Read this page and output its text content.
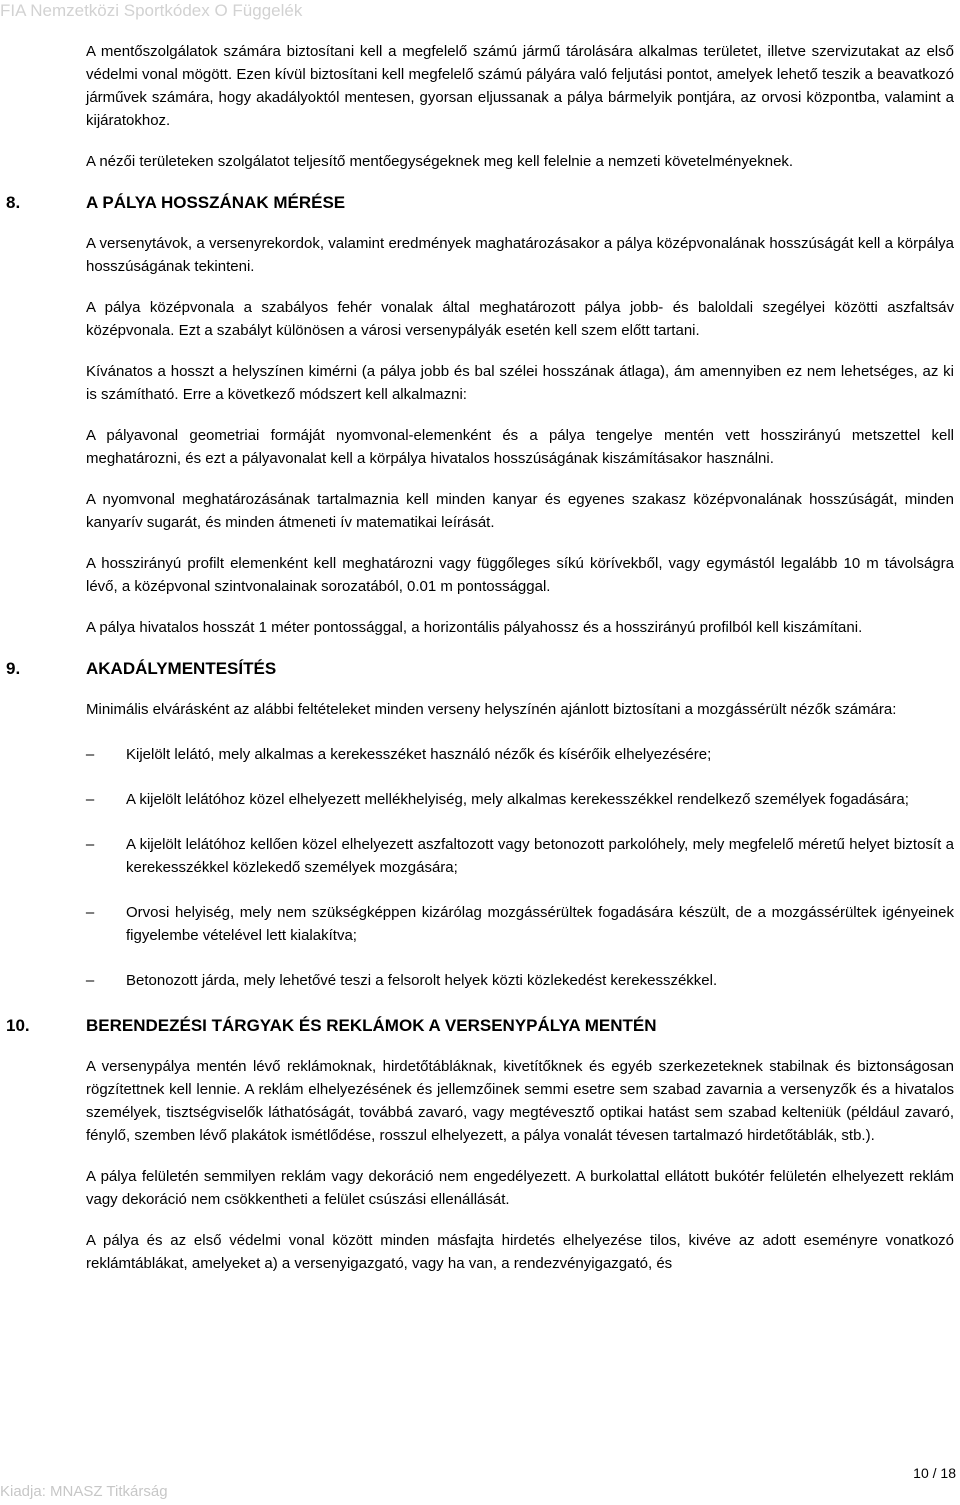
FIA Nemzetközi Sportkódex O Függelék

A mentőszolgálatok számára biztosítani kell a megfelelő számú jármű tárolására alkalmas területet, illetve szervizutakat az első védelmi vonal mögött. Ezen kívül biztosítani kell megfelelő számú pályára való feljutási pontot, amelyek lehető teszik a beavatkozó járművek számára, hogy akadályoktól mentesen, gyorsan eljussanak a pálya bármelyik pontjára, az orvosi központba, valamint a kijáratokhoz.

A nézői területeken szolgálatot teljesítő mentőegységeknek meg kell felelnie a nemzeti követelményeknek.

8.	A PÁLYA HOSSZÁNAK MÉRÉSE

A versenytávok, a versenyrekordok, valamint eredmények maghatározásakor a pálya középvonalának hosszúságát kell a körpálya hosszúságának tekinteni.

A pálya középvonala a szabályos fehér vonalak által meghatározott pálya jobb- és baloldali szegélyei közötti aszfaltsáv középvonala. Ezt a szabályt különösen a városi versenypályák esetén kell szem előtt tartani.

Kívánatos a hosszt a helyszínen kimérni (a pálya jobb és bal szélei hosszának átlaga), ám amennyiben ez nem lehetséges, az ki is számítható. Erre a következő módszert kell alkalmazni:

A pályavonal geometriai formáját nyomvonal-elemenként és a pálya tengelye mentén vett hosszirányú metszettel kell meghatározni, és ezt a pályavonalat kell a körpálya hivatalos hosszúságának kiszámításakor használni.

A nyomvonal meghatározásának tartalmaznia kell minden kanyar és egyenes szakasz középvonalának hosszúságát, minden kanyarív sugarát, és minden átmeneti ív matematikai leírását.

A hosszirányú profilt elemenként kell meghatározni vagy függőleges síkú körívekből, vagy egymástól legalább 10 m távolságra lévő, a középvonal szintvonalainak sorozatából, 0.01 m pontossággal.

A pálya hivatalos hosszát 1 méter pontossággal, a horizontális pályahossz és a hosszirányú profilból kell kiszámítani.

9.	AKADÁLYMENTESÍTÉS

Minimális elvárásként az alábbi feltételeket minden verseny helyszínén ajánlott biztosítani a mozgássérült nézők számára:

–	Kijelölt lelátó, mely alkalmas a kerekesszéket használó nézők és kísérőik elhelyezésére;
–	A kijelölt lelátóhoz közel elhelyezett mellékhelyiség, mely alkalmas kerekesszékkel rendelkező személyek fogadására;
–	A kijelölt lelátóhoz kellően közel elhelyezett aszfaltozott vagy betonozott parkolóhely, mely megfelelő méretű helyet biztosít a kerekesszékkel közlekedő személyek mozgására;
–	Orvosi helyiség, mely nem szükségképpen kizárólag mozgássérültek fogadására készült, de a mozgássérültek igényeinek figyelembe vételével lett kialakítva;
–	Betonozott járda, mely lehetővé teszi a felsorolt helyek közti közlekedést kerekesszékkel.
10.	BERENDEZÉSI TÁRGYAK ÉS REKLÁMOK A VERSENYPÁLYA MENTÉN

A versenypálya mentén lévő reklámoknak, hirdetőtábláknak, kivetítőknek és egyéb szerkezeteknek stabilnak és biztonságosan rögzítettnek kell lennie. A reklám elhelyezésének és jellemzőinek semmi esetre sem szabad zavarnia a versenyzők és a hivatalos személyek, tisztségviselők láthatóságát, továbbá zavaró, vagy megtévesztő optikai hatást sem szabad kelteniük (például zavaró, fénylő, szemben lévő plakátok ismétlődése, rosszul elhelyezett, a pálya vonalát tévesen tartalmazó hirdetőtáblák, stb.).

A pálya felületén semmilyen reklám vagy dekoráció nem engedélyezett. A burkolattal ellátott bukótér felületén elhelyezett reklám vagy dekoráció nem csökkentheti a felület csúszási ellenállását.

A pálya és az első védelmi vonal között minden másfajta hirdetés elhelyezése tilos, kivéve az adott eseményre vonatkozó reklámtáblákat, amelyeket a) a versenyigazgató, vagy ha van, a rendezvényigazgató, és

10 / 18
Kiadja: MNASZ Titkárság
